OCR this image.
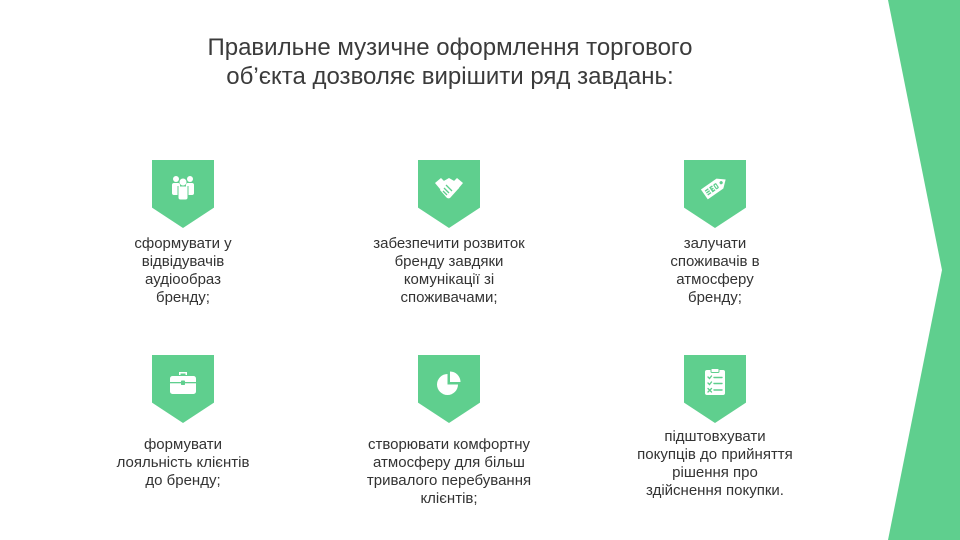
Правильне музичне оформлення торгового
об’єкта дозволяє вирішити ряд завдань:
сформувати у
відвідувачів
аудіообраз
бренду;
забезпечити розвиток
бренду завдяки
комунікації зі
споживачами;
залучати
споживачів в
атмосферу
бренду;
формувати
лояльність клієнтів
до бренду;
створювати комфортну
атмосферу для більш
тривалого перебування
клієнтів;
підштовхувати
покупців до прийняття
рішення про
здійснення покупки.
